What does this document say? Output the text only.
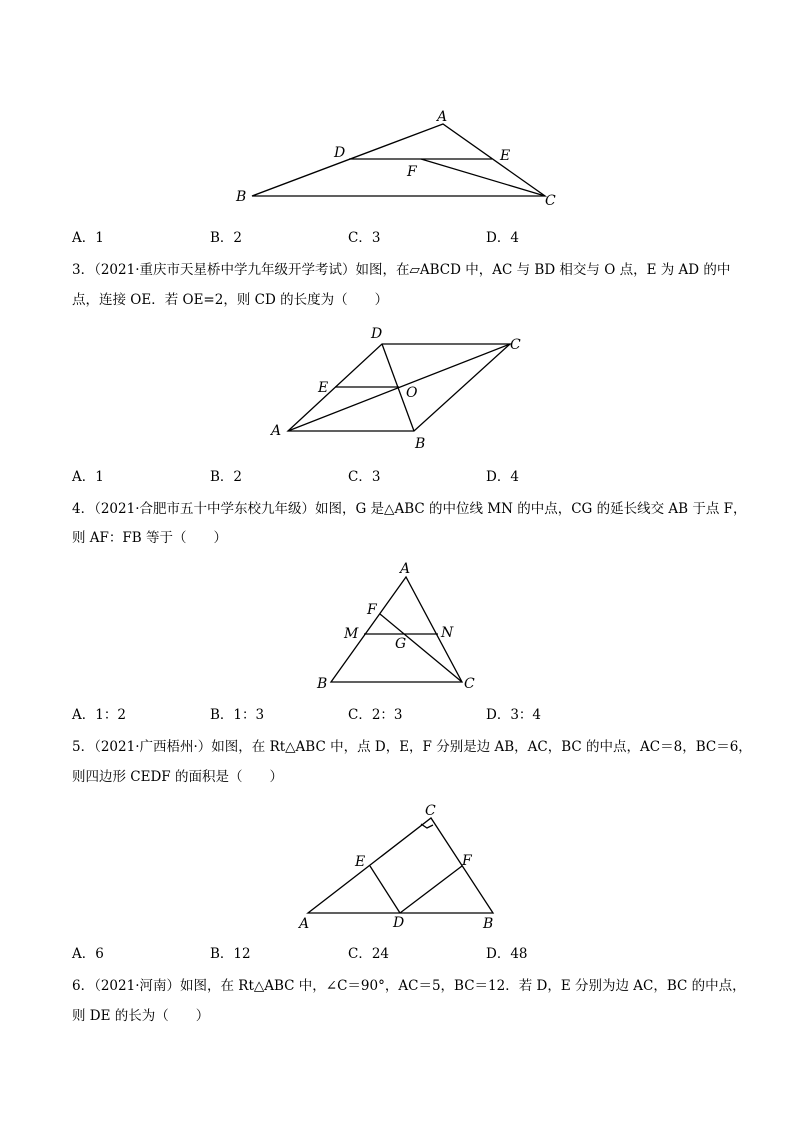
A
B	C
D	E
F
A．1	B．2	C．3	D．4
3．（2021·重庆市天星桥中学九年级开学考试）如图，在▱ABCD 中，AC 与 BD 相交与 O 点，E 为 AD 的中
点，连接 OE．若 OE=2，则 CD 的长度为（　　）
A
B
C
D
E	O
A．1	B．2	C．3	D．4
4．（2021·合肥市五十中学东校九年级）如图，G 是△ABC 的中位线 MN 的中点，CG 的延长线交 AB 于点 F，
则 AF：FB 等于（　　）
A
B	C
F
M	N
G
A．1：2	B．1：3	C．2：3	D．3：4
5．（2021·广西梧州·）如图，在 Rt△ABC 中，点 D，E，F 分别是边 AB，AC，BC 的中点，AC＝8，BC＝6，
则四边形 CEDF 的面积是（　　）
A	B
C
D
E	F
A．6	B．12	C．24	D．48
6．（2021·河南）如图，在 Rt△ABC 中，∠C＝90°，AC＝5，BC＝12．若 D，E 分别为边 AC，BC 的中点，
则 DE 的长为（　　）
